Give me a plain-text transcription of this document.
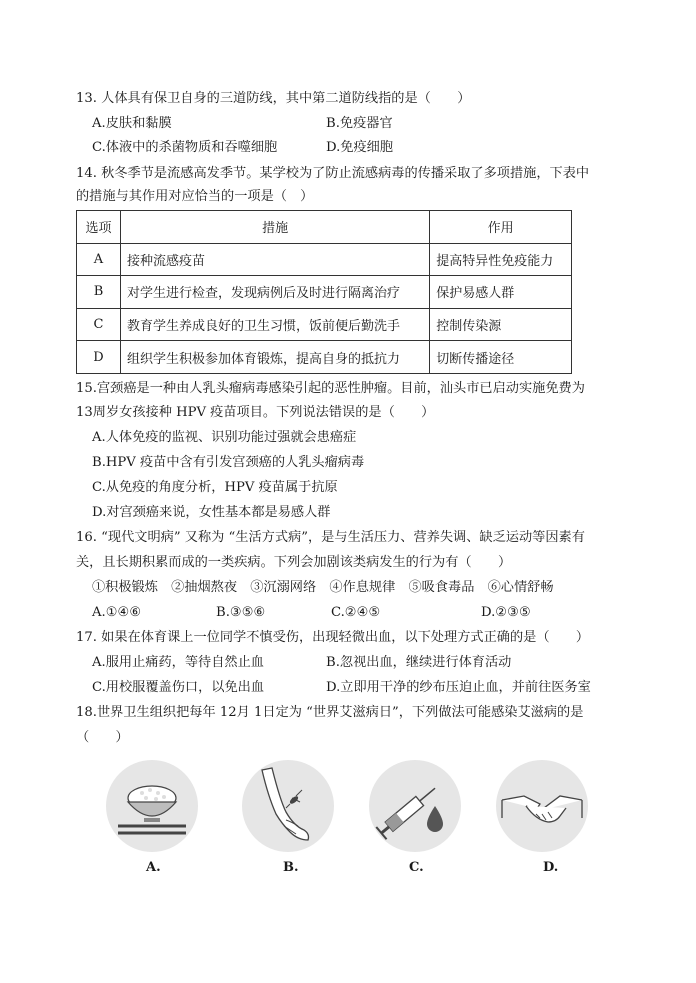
13. 人体具有保卫自身的三道防线，其中第二道防线指的是（　　）
A.皮肤和黏膜	B.免疫器官
C.体液中的杀菌物质和吞噬细胞	D.免疫细胞
14. 秋冬季节是流感高发季节。某学校为了防止流感病毒的传播采取了多项措施，下表中
的措施与其作用对应恰当的一项是（　）
选项	措施	作用
A	接种流感疫苗	提高特异性免疫能力
B	对学生进行检查，发现病例后及时进行隔离治疗	保护易感人群
C	教育学生养成良好的卫生习惯，饭前便后勤洗手	控制传染源
D	组织学生积极参加体育锻炼，提高自身的抵抗力	切断传播途径
15.宫颈癌是一种由人乳头瘤病毒感染引起的恶性肿瘤。目前，汕头市已启动实施免费为
13周岁女孩接种 HPV 疫苗项目。下列说法错误的是（　　）
A.人体免疫的监视、识别功能过强就会患癌症
B.HPV 疫苗中含有引发宫颈癌的人乳头瘤病毒
C.从免疫的角度分析，HPV 疫苗属于抗原
D.对宫颈癌来说，女性基本都是易感人群
16. “现代文明病” 又称为 “生活方式病”，是与生活压力、营养失调、缺乏运动等因素有
关，且长期积累而成的一类疾病。下列会加剧该类病发生的行为有（　　）
①积极锻炼　②抽烟熬夜　③沉溺网络　④作息规律　⑤吸食毒品　⑥心情舒畅
A.①④⑥	B.③⑤⑥	C.②④⑤	D.②③⑤
17. 如果在体育课上一位同学不慎受伤，出现轻微出血，以下处理方式正确的是（　　）
A.服用止痛药，等待自然止血	B.忽视出血，继续进行体育活动
C.用校服覆盖伤口，以免出血	D.立即用干净的纱布压迫止血，并前往医务室
18.世界卫生组织把每年 12月 1日定为 “世界艾滋病日”，下列做法可能感染艾滋病的是
（　　）
A.	B.	C.	D.
